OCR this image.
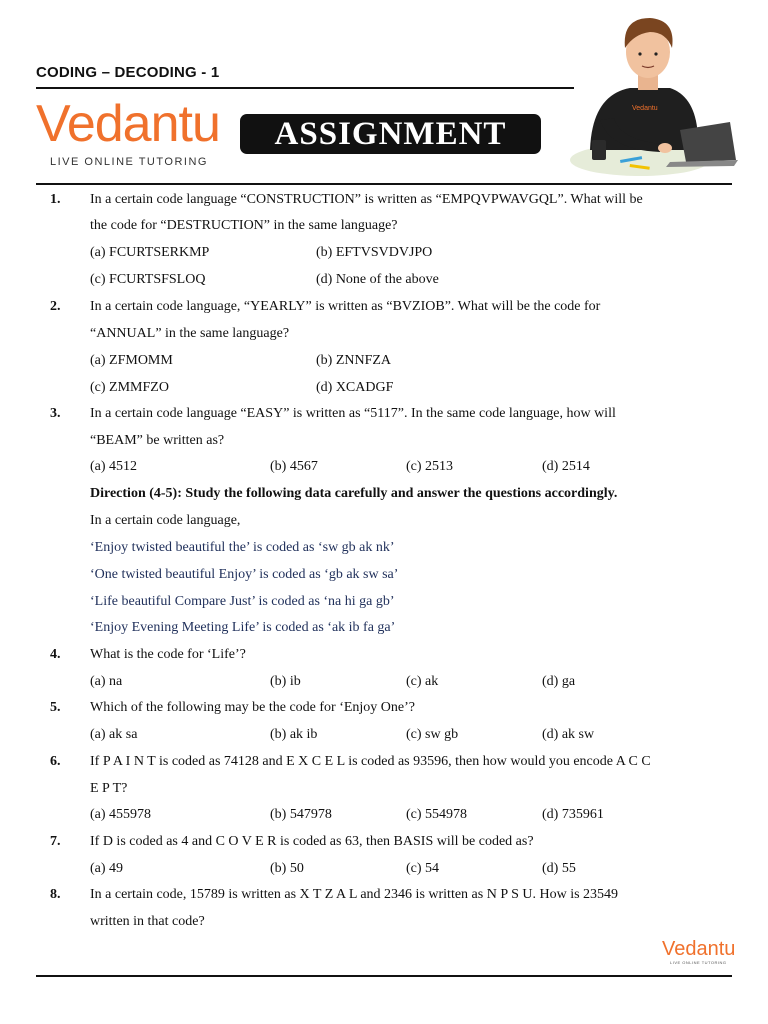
CODING – DECODING - 1
Vedantu
LIVE ONLINE TUTORING
ASSIGNMENT
Vedantu
1. In a certain code language “CONSTRUCTION” is written as “EMPQVPWAVGQL”. What will be
the code for “DESTRUCTION” in the same language?
(a) FCURTSERKMP	(b) EFTVSVDVJPO
(c) FCURTSFSLOQ	(d) None of the above
2. In a certain code language, “YEARLY” is written as “BVZIOB”. What will be the code for
“ANNUAL” in the same language?
(a) ZFMOMM	(b) ZNNFZA
(c) ZMMFZO	(d) XCADGF
3. In a certain code language “EASY” is written as “5117”. In the same code language, how will
“BEAM” be written as?
(a) 4512	(b) 4567	(c) 2513	(d) 2514
Direction (4-5): Study the following data carefully and answer the questions accordingly.
In a certain code language,
‘Enjoy twisted beautiful the’ is coded as ‘sw gb ak nk’
‘One twisted beautiful Enjoy’ is coded as ‘gb ak sw sa’
‘Life beautiful Compare Just’ is coded as ‘na hi ga gb’
‘Enjoy Evening Meeting Life’ is coded as ‘ak ib fa ga’
4. What is the code for ‘Life’?
(a) na	(b) ib	(c) ak	(d) ga
5. Which of the following may be the code for ‘Enjoy One’?
(a) ak sa	(b) ak ib	(c) sw gb	(d) ak sw
6. If P A I N T is coded as 74128 and E X C E L is coded as 93596, then how would you encode A C C
E P T?
(a) 455978	(b) 547978	(c) 554978	(d) 735961
7. If D is coded as 4 and C O V E R is coded as 63, then BASIS will be coded as?
(a) 49	(b) 50	(c) 54	(d) 55
8. In a certain code, 15789 is written as X T Z A L and 2346 is written as N P S U. How is 23549
written in that code?
Vedantu
LIVE ONLINE TUTORING
